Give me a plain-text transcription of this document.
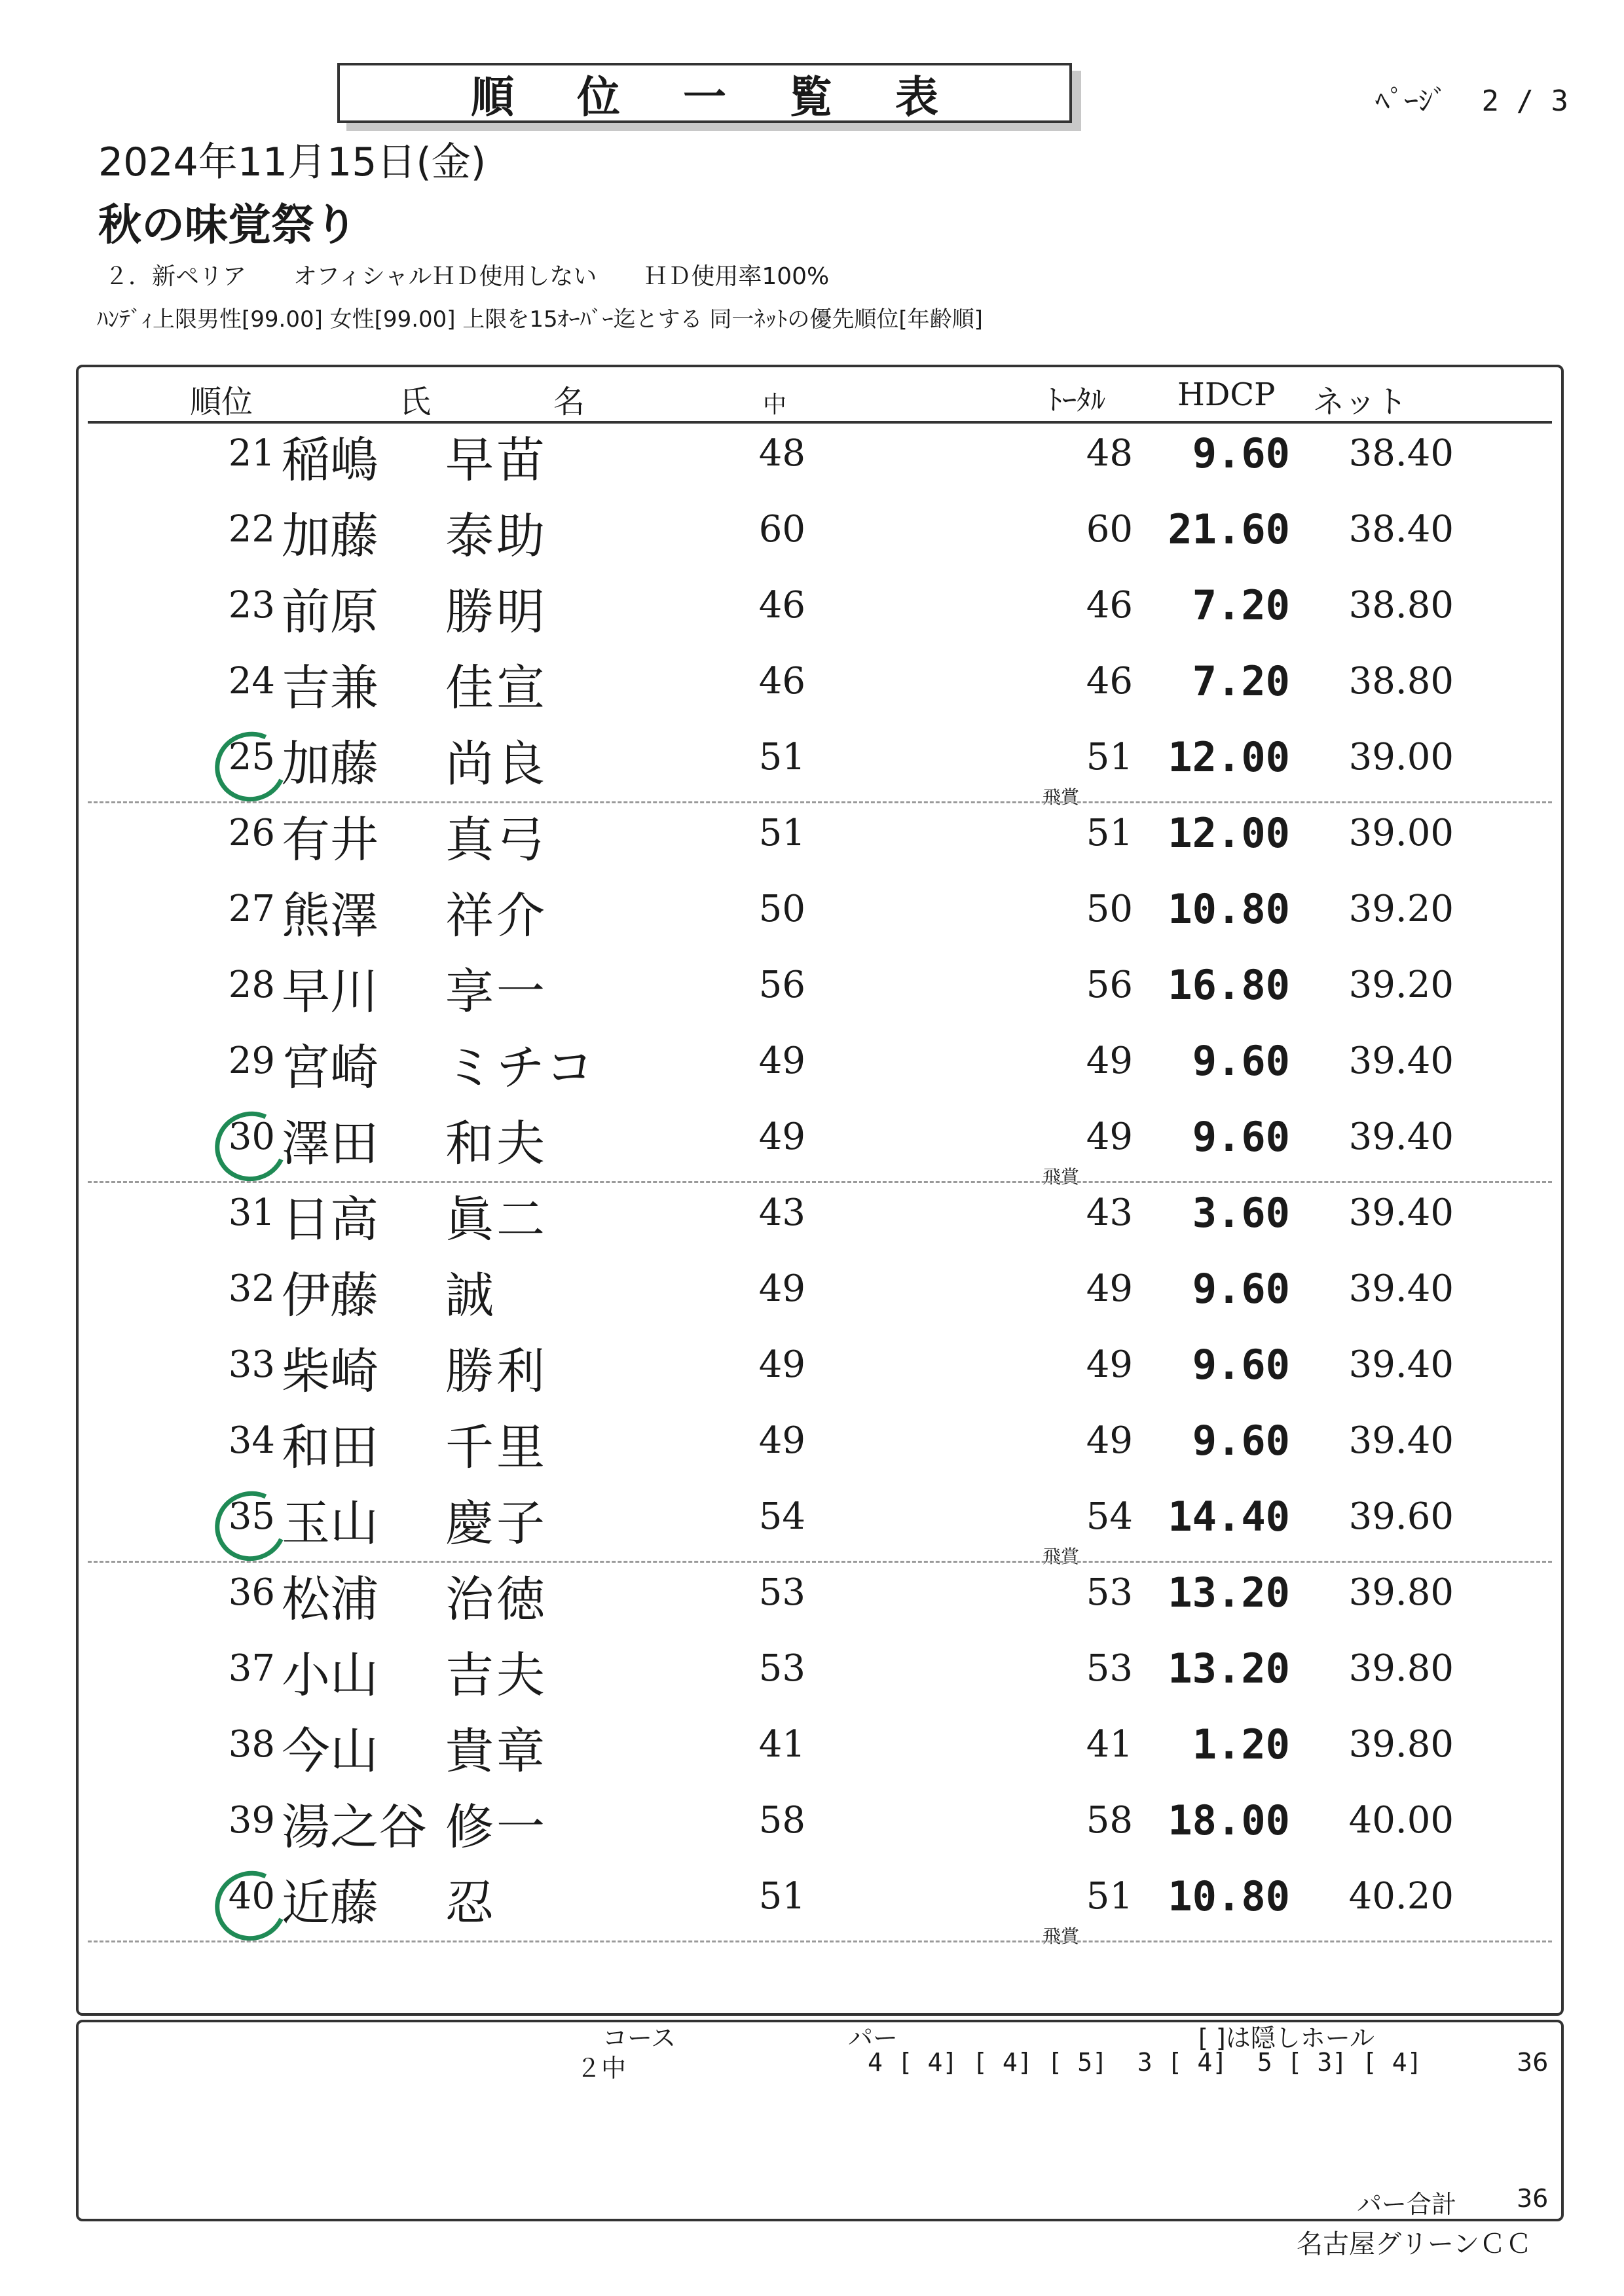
順 位 一 覧 表	ﾍﾟｰｼﾞ 2 / 3
2024年11月15日(金)
秋の味覚祭り
２．新ペリア　　オフィシャルＨＤ使用しない　　ＨＤ使用率100%
ﾊﾝﾃﾞｨ上限男性[99.00] 女性[99.00] 上限を15ｵｰﾊﾞｰ迄とする 同一ﾈｯﾄの優先順位[年齢順]
順位	氏	名	中	ﾄｰﾀﾙ HDCP ネット
21 稲嶋 早苗	48	48	9.60	38.40
22 加藤 泰助	60	60 21.60	38.40
23 前原 勝明	46	46	7.20	38.80
24 吉兼 佳宣	46	46	7.20	38.80
25 加藤 尚良	51	51 12.00	39.00
飛賞
26 有井 真弓	51	51 12.00	39.00
27 熊澤 祥介	50	50 10.80	39.20
28 早川 享一	56	56 16.80	39.20
29 宮崎 ミチコ	49	49	9.60	39.40
30 澤田 和夫	49	49	9.60	39.40
飛賞
31 日高 眞二	43	43	3.60	39.40
32 伊藤 誠	49	49	9.60	39.40
33 柴崎 勝利	49	49	9.60	39.40
34 和田 千里	49	49	9.60	39.40
35 玉山 慶子	54	54 14.40	39.60
飛賞
36 松浦 治徳	53	53 13.20	39.80
37 小山 吉夫	53	53 13.20	39.80
38 今山 貴章	41	41	1.20	39.80
39 湯之谷 修一	58	58 18.00	40.00
40 近藤 忍	51	51 10.80	40.20
飛賞
コース	パー	[ ]は隠しホール
２中	4 [ 4] [ 4] [ 5]  3 [ 4]  5 [ 3] [ 4]	36
パー合計 36
名古屋グリーンＣＣ
